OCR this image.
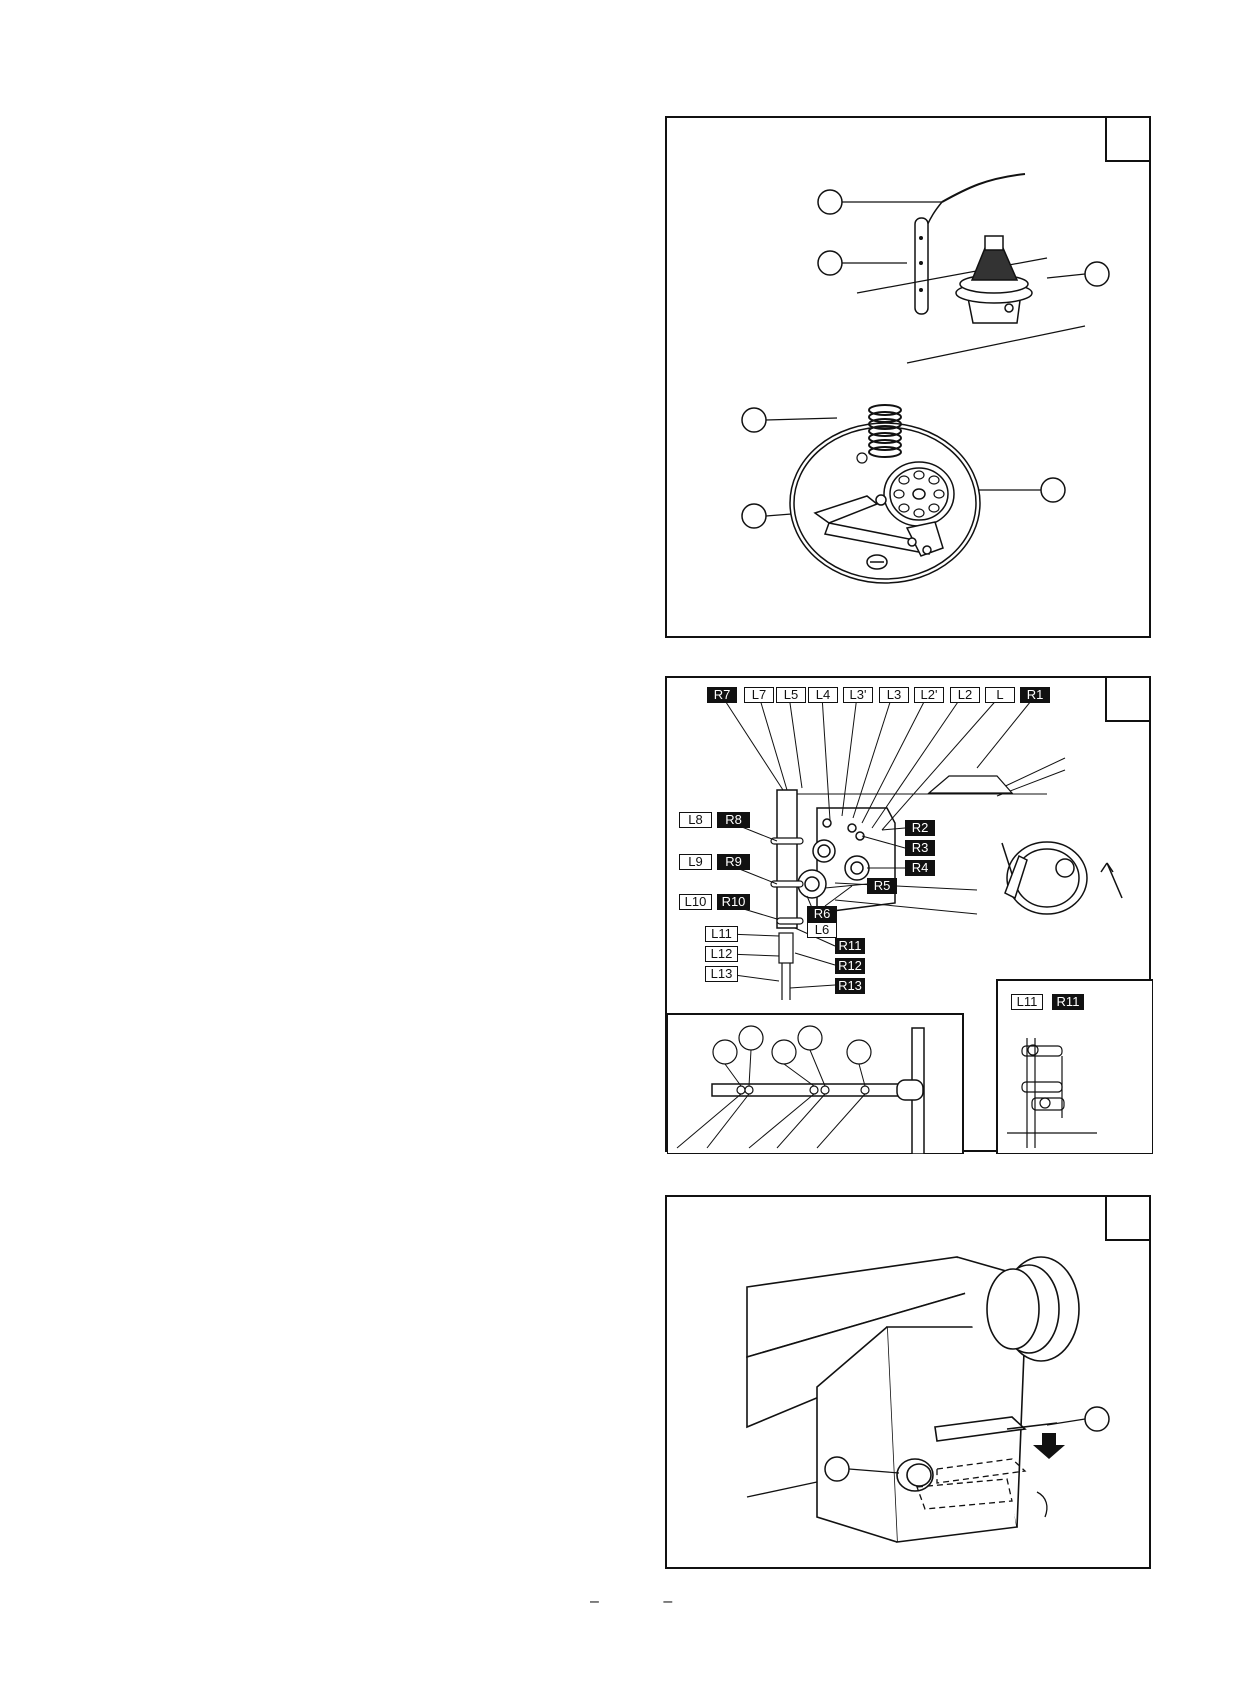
R7	L7	L5	L4	L3'	L3	L2'	L2	L	R1
L8	R8
L9	R9
L10	R10
L11
L12
L13
R2
R3
R4
R5
R6
L6
R11
R12
R13
L11	R11
– –
